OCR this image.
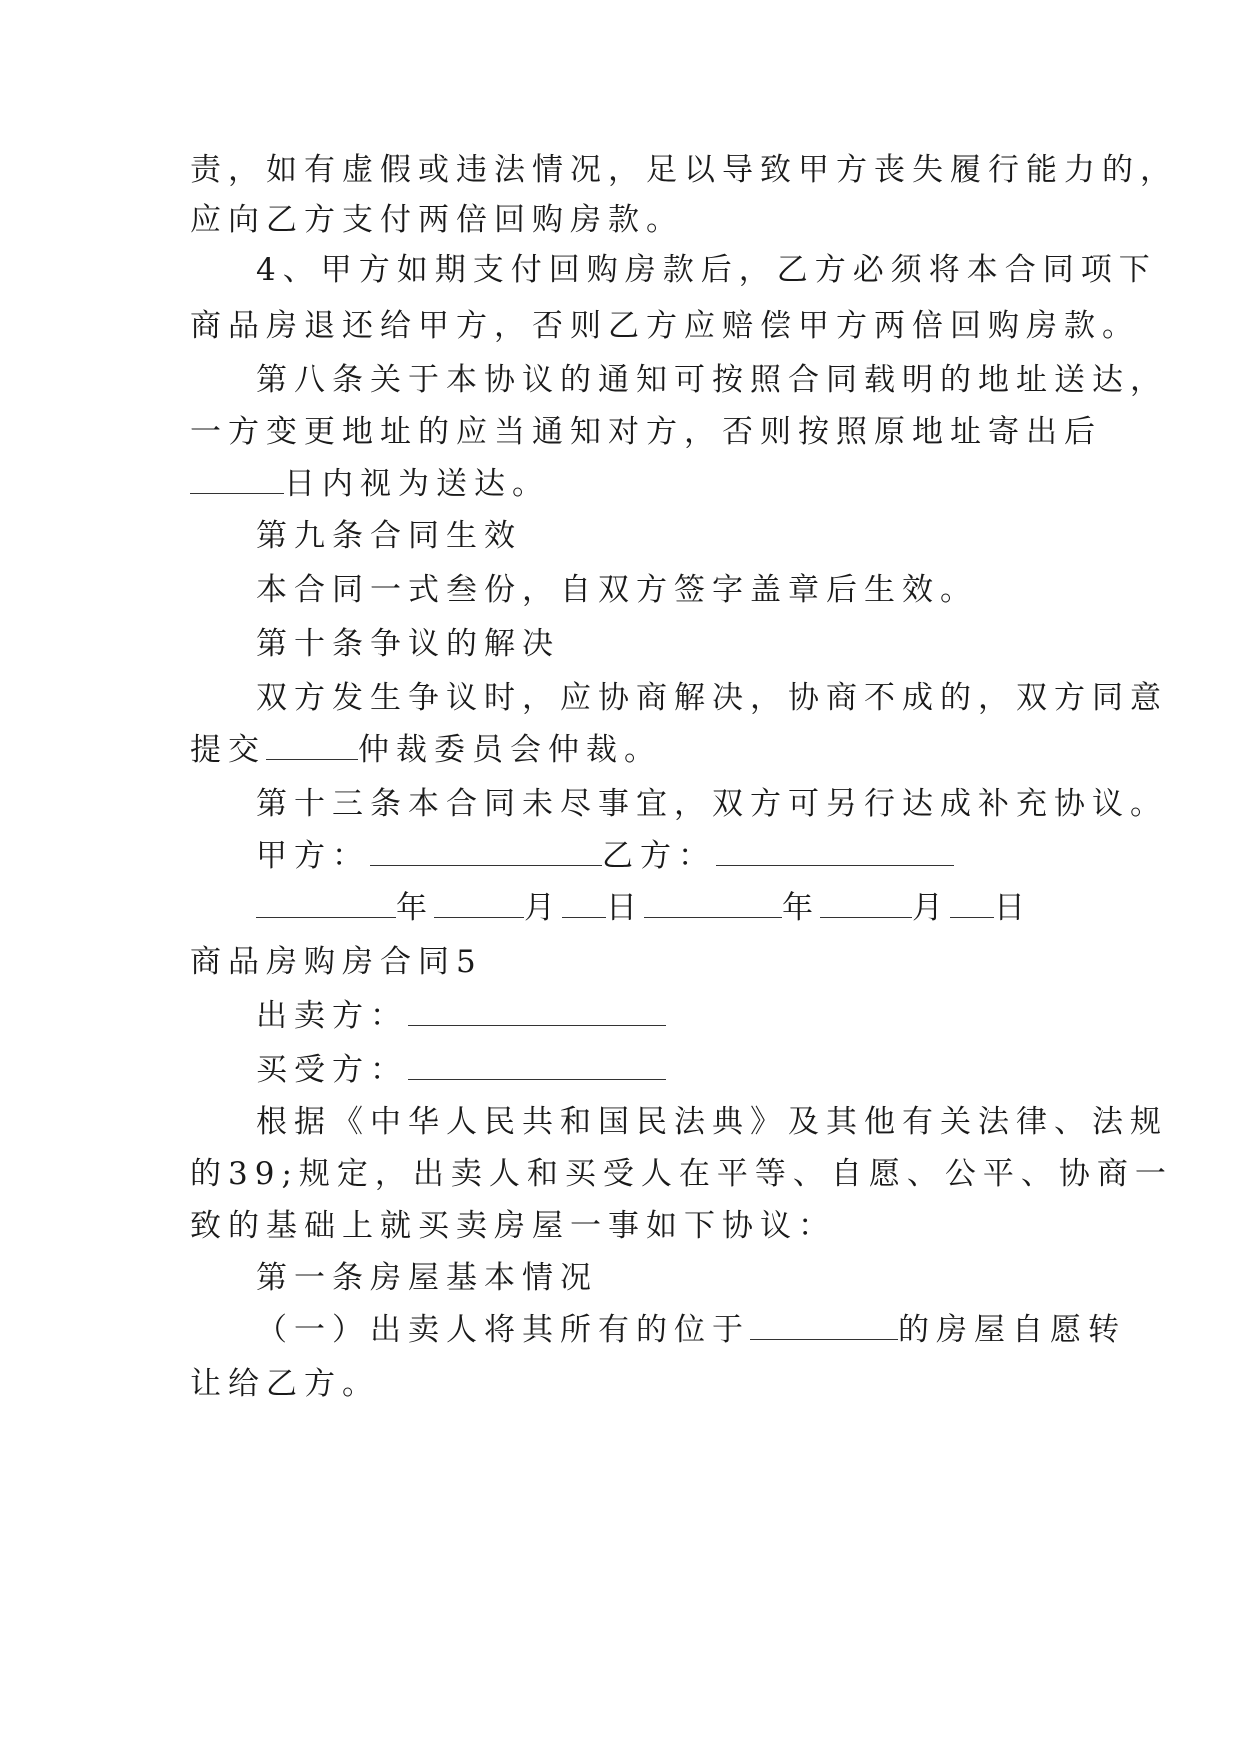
责，如有虚假或违法情况，足以导致甲方丧失履行能力的，
应向乙方支付两倍回购房款。
4、甲方如期支付回购房款后，乙方必须将本合同项下
商品房退还给甲方，否则乙方应赔偿甲方两倍回购房款。
第八条关于本协议的通知可按照合同载明的地址送达，
一方变更地址的应当通知对方，否则按照原地址寄出后
日内视为送达。
第九条合同生效
本合同一式叁份，自双方签字盖章后生效。
第十条争议的解决
双方发生争议时，应协商解决，协商不成的，双方同意
提交	仲裁委员会仲裁。
第十三条本合同未尽事宜，双方可另行达成补充协议。
甲方：	乙方：
年	月 日	年	月 日
商品房购房合同5
出卖方：
买受方：
根据《中华人民共和国民法典》及其他有关法律、法规
的39;规定，出卖人和买受人在平等、自愿、公平、协商一
致的基础上就买卖房屋一事如下协议：
第一条房屋基本情况
（一）出卖人将其所有的位于	的房屋自愿转
让给乙方。
